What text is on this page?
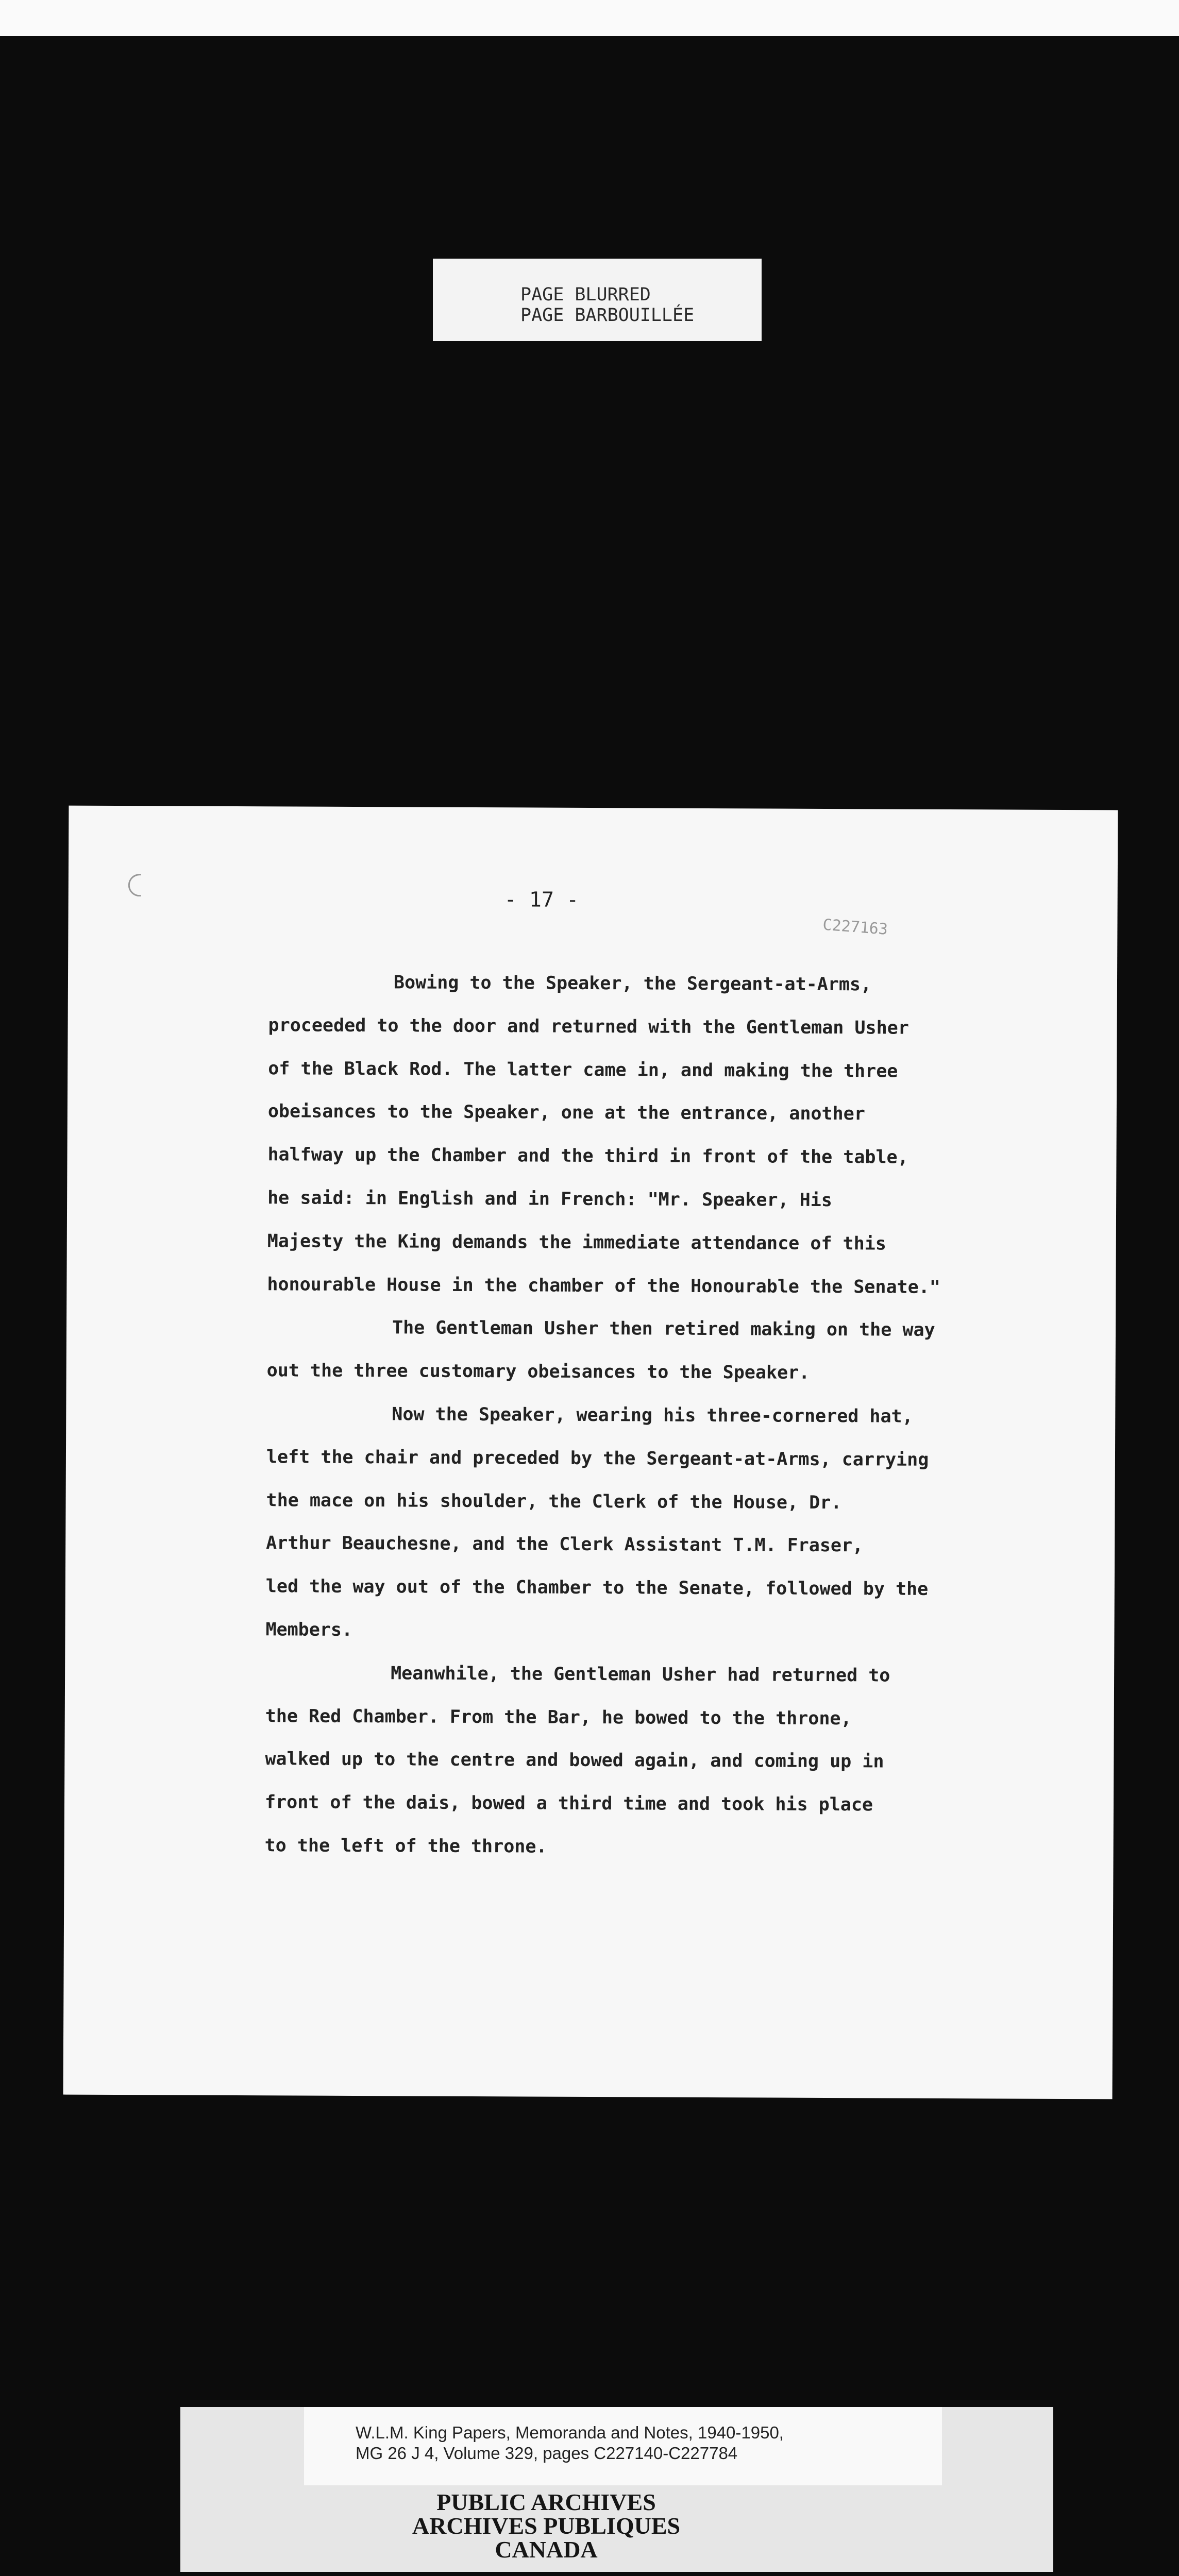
PAGE BLURRED
PAGE BARBOUILLÉE
- 17 -
C227163
Bowing to the Speaker, the Sergeant-at-Arms,
proceeded to the door and returned with the Gentleman Usher
of the Black Rod. The latter came in, and making the three
obeisances to the Speaker, one at the entrance, another
halfway up the Chamber and the third in front of the table,
he said: in English and in French: "Mr. Speaker, His
Majesty the King demands the immediate attendance of this
honourable House in the chamber of the Honourable the Senate."
The Gentleman Usher then retired making on the way
out the three customary obeisances to the Speaker.
Now the Speaker, wearing his three-cornered hat,
left the chair and preceded by the Sergeant-at-Arms, carrying
the mace on his shoulder, the Clerk of the House, Dr.
Arthur Beauchesne, and the Clerk Assistant T.M. Fraser,
led the way out of the Chamber to the Senate, followed by the
Members.
Meanwhile, the Gentleman Usher had returned to
the Red Chamber. From the Bar, he bowed to the throne,
walked up to the centre and bowed again, and coming up in
front of the dais, bowed a third time and took his place
to the left of the throne.
W.L.M. King Papers, Memoranda and Notes, 1940-1950,
MG 26 J 4, Volume 329, pages C227140-C227784
PUBLIC ARCHIVES
ARCHIVES PUBLIQUES
CANADA
